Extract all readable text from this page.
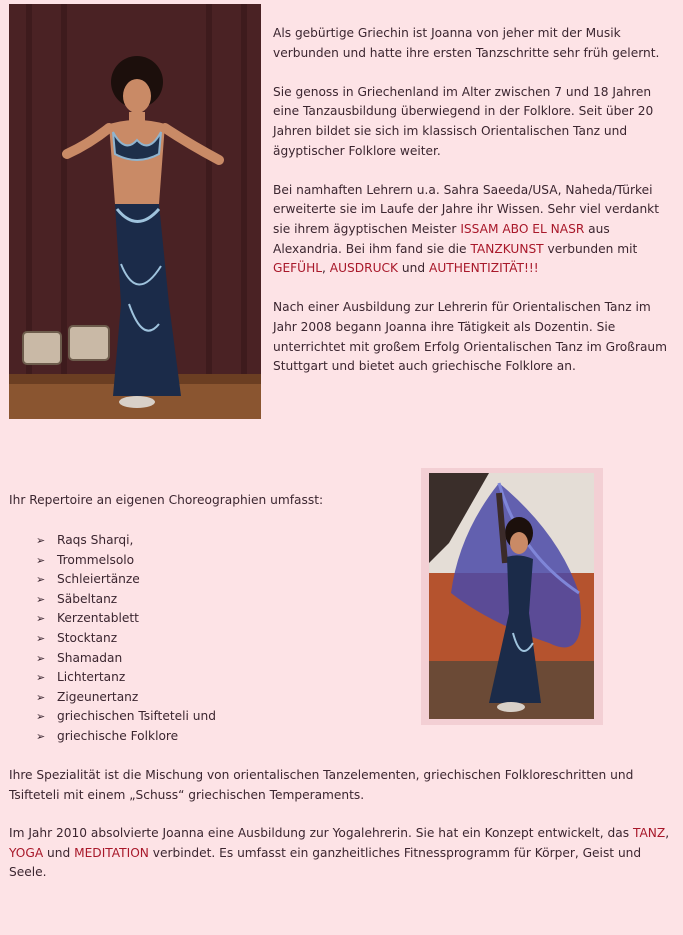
Als gebürtige Griechin ist Joanna von jeher mit der Musik verbunden und hatte ihre ersten Tanzschritte sehr früh gelernt.

Sie genoss in Griechenland im Alter zwischen 7 und 18 Jahren eine Tanzausbildung überwiegend in der Folklore. Seit über 20 Jahren bildet sie sich im klassisch Orientalischen Tanz und ägyptischer Folklore weiter.

Bei namhaften Lehrern u.a. Sahra Saeeda/USA, Naheda/Türkei erweiterte sie im Laufe der Jahre ihr Wissen. Sehr viel verdankt sie ihrem ägyptischen Meister ISSAM ABO EL NASR aus Alexandria. Bei ihm fand sie die TANZKUNST verbunden mit GEFÜHL, AUSDRUCK und AUTHENTIZITÄT!!!

Nach einer Ausbildung zur Lehrerin für Orientalischen Tanz im Jahr 2008 begann Joanna ihre Tätigkeit als Dozentin. Sie unterrichtet mit großem Erfolg Orientalischen Tanz im Großraum Stuttgart und bietet auch griechische Folklore an.

Ihr Repertoire an eigenen Choreographien umfasst:

➢ Raqs Sharqi,
➢ Trommelsolo
➢ Schleiertänze
➢ Säbeltanz
➢ Kerzentablett
➢ Stocktanz
➢ Shamadan
➢ Lichtertanz
➢ Zigeunertanz
➢ griechischen Tsifteteli und
➢ griechische Folklore

Ihre Spezialität ist die Mischung von orientalischen Tanzelementen, griechischen Folkloreschritten und Tsifteteli mit einem „Schuss“ griechischen Temperaments.

Im Jahr 2010 absolvierte Joanna eine Ausbildung zur Yogalehrerin. Sie hat ein Konzept entwickelt, das TANZ, YOGA und MEDITATION verbindet. Es umfasst ein ganzheitliches Fitnessprogramm für Körper, Geist und Seele.
